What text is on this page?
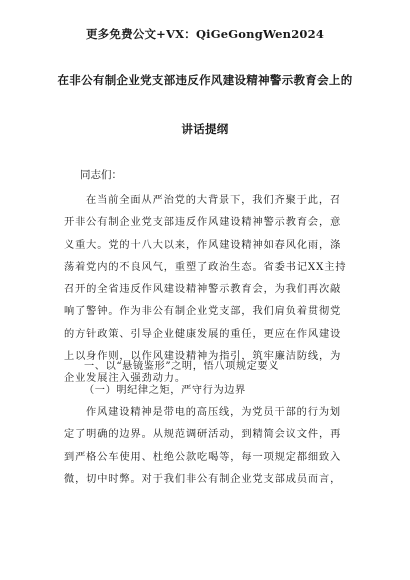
更多免费公文+VX：QiGeGongWen2024
在非公有制企业党支部违反作风建设精神警示教育会上的
讲话提纲
同志们：
在当前全面从严治党的大背景下，我们齐聚于此，召
开非公有制企业党支部违反作风建设精神警示教育会，意
义重大。党的十八大以来，作风建设精神如春风化雨，涤
荡着党内的不良风气，重塑了政治生态。省委书记XX主持
召开的全省违反作风建设精神警示教育会，为我们再次敲
响了警钟。作为非公有制企业党支部，我们肩负着贯彻党
的方针政策、引导企业健康发展的重任，更应在作风建设
上以身作则，以作风建设精神为指引，筑牢廉洁防线，为
企业发展注入强劲动力。
一、以“悬镜鉴形”之明，悟八项规定要义
（一）明纪律之矩，严守行为边界
作风建设精神是带电的高压线，为党员干部的行为划
定了明确的边界。从规范调研活动，到精简会议文件，再
到严格公车使用、杜绝公款吃喝等，每一项规定都细致入
微，切中时弊。对于我们非公有制企业党支部成员而言，
